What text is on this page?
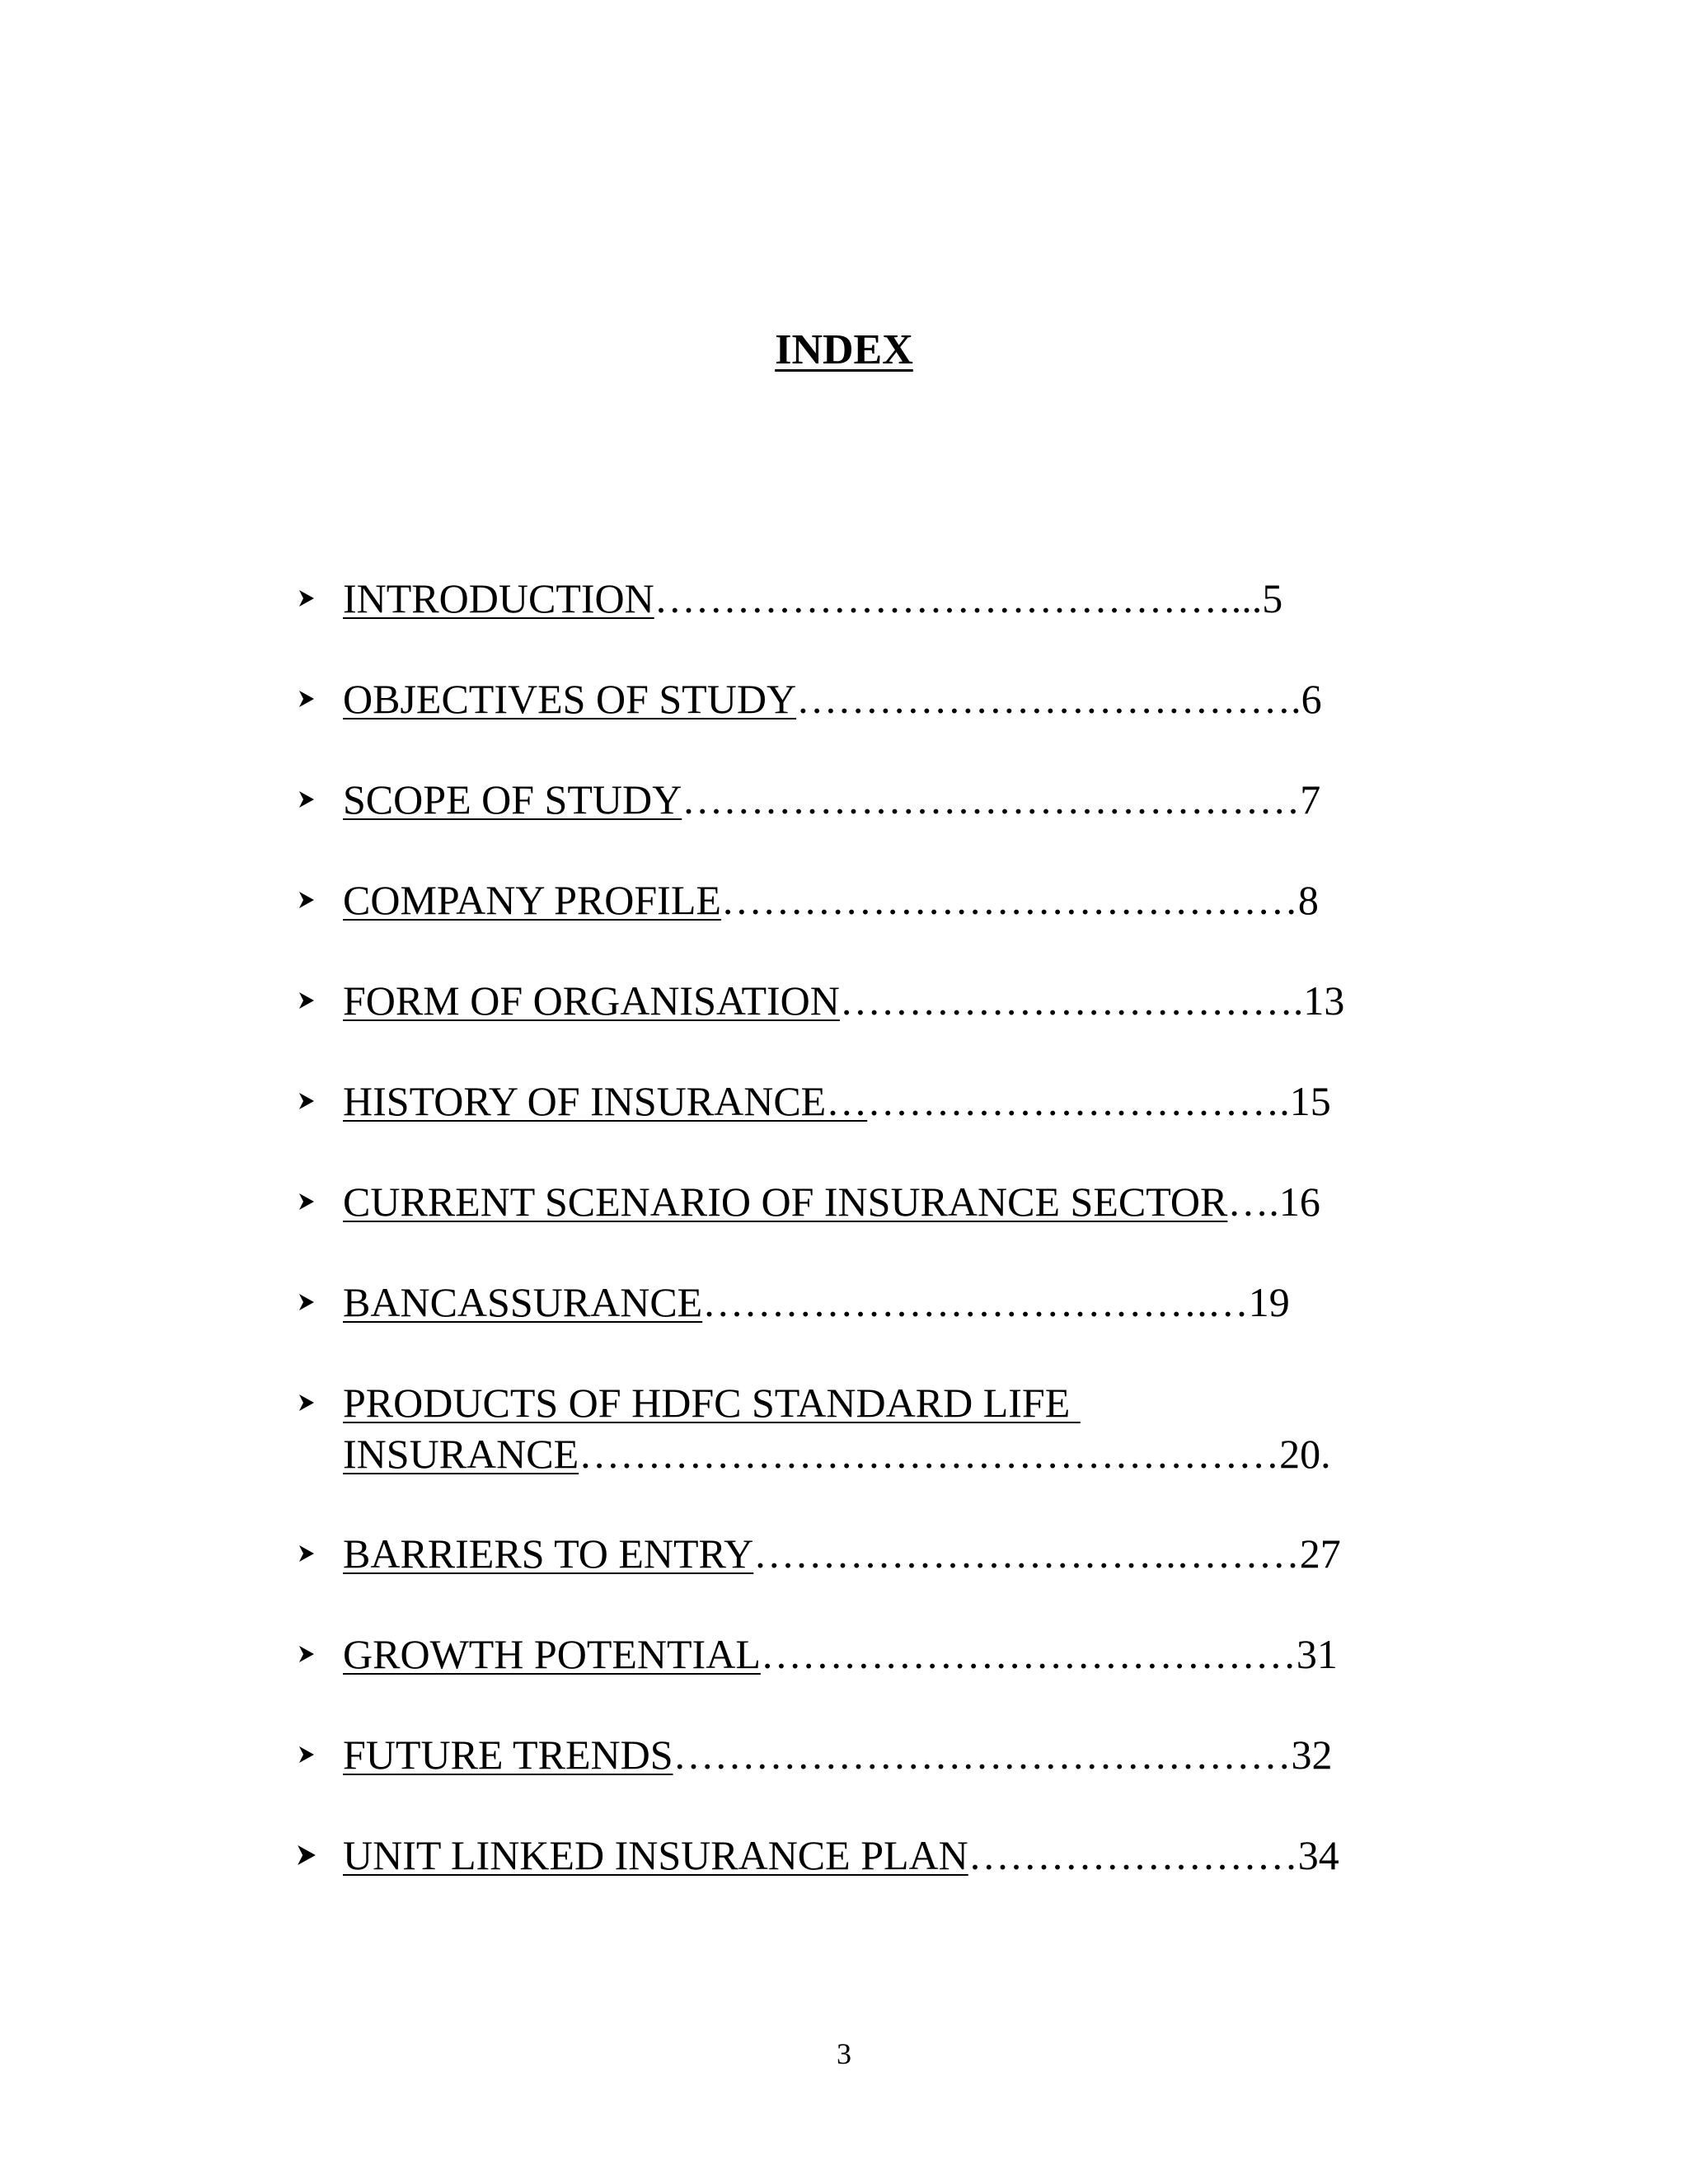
INDEX
INTRODUCTION……………………………………...5
OBJECTIVES OF STUDY……………………………….6
SCOPE OF STUDY………………………………………7
COMPANY PROFILE……………………………………8
FORM OF ORGANISATION…………………………….13
HISTORY OF INSURANCE…………………………….15
CURRENT SCENARIO OF INSURANCE SECTOR….16
BANCASSURANCE……………………………….…19
PRODUCTS OF HDFC STANDARD LIFE
INSURANCE……………………………………………20.
BARRIERS TO ENTRY………………………….………27
GROWTH POTENTIAL…………………………………31
FUTURE TRENDS………………………………………32
UNIT LINKED INSURANCE PLAN……………………34
3
